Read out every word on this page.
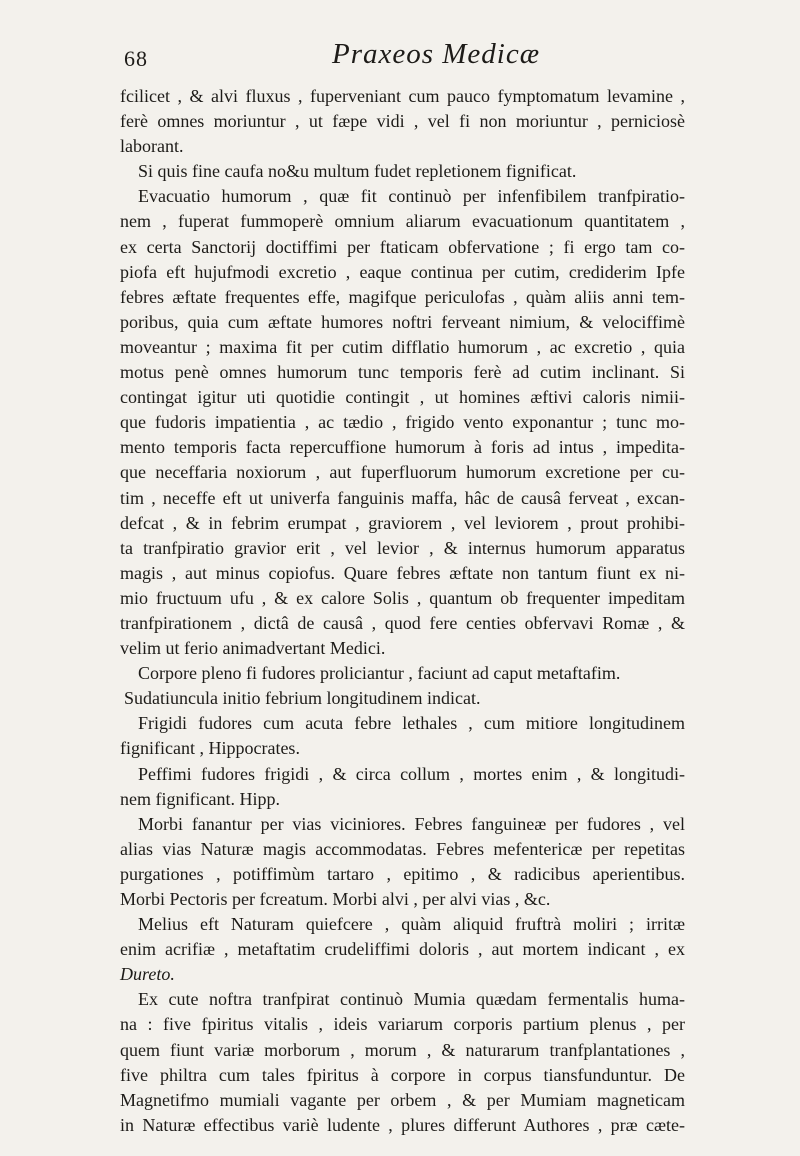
68	Praxeos Medicæ
fcilicet , & alvi fluxus , fuperveniant cum pauco fymptomatum levamine ,
ferè omnes moriuntur , ut fæpe vidi , vel fi non moriuntur , perniciosè
laborant.
Si quis fine caufa no&u multum fudet repletionem fignificat.
Evacuatio humorum , quæ fit continuò per infenfibilem tranfpiratio-
nem , fuperat fummoperè omnium aliarum evacuationum quantitatem ,
ex certa Sanctorij doctiffimi per ftaticam obfervatione ; fi ergo tam co-
piofa eft hujufmodi excretio , eaque continua per cutim, crediderim Ipfe
febres æftate frequentes effe, magifque periculofas , quàm aliis anni tem-
poribus, quia cum æftate humores noftri ferveant nimium, & velociffimè
moveantur ; maxima fit per cutim difflatio humorum , ac excretio , quia
motus penè omnes humorum tunc temporis ferè ad cutim inclinant. Si
contingat igitur uti quotidie contingit , ut homines æftivi caloris nimii-
que fudoris impatientia , ac tædio , frigido vento exponantur ; tunc mo-
mento temporis facta repercuffione humorum à foris ad intus , impedita-
que neceffaria noxiorum , aut fuperfluorum humorum excretione per cu-
tim , neceffe eft ut univerfa fanguinis maffa, hâc de causâ ferveat , excan-
defcat , & in febrim erumpat , graviorem , vel leviorem , prout prohibi-
ta tranfpiratio gravior erit , vel levior , & internus humorum apparatus
magis , aut minus copiofus. Quare febres æftate non tantum fiunt ex ni-
mio fructuum ufu , & ex calore Solis , quantum ob frequenter impeditam
tranfpirationem , dictâ de causâ , quod fere centies obfervavi Romæ , &
velim ut ferio animadvertant Medici.
Corpore pleno fi fudores proliciantur , faciunt ad caput metaftafim.
Sudatiuncula initio febrium longitudinem indicat.
Frigidi fudores cum acuta febre lethales , cum mitiore longitudinem
fignificant , Hippocrates.
Peffimi fudores frigidi , & circa collum , mortes enim , & longitudi-
nem fignificant. Hipp.
Morbi fanantur per vias viciniores. Febres fanguineæ per fudores , vel
alias vias Naturæ magis accommodatas. Febres mefentericæ per repetitas
purgationes , potiffimùm tartaro , epitimo , & radicibus aperientibus.
Morbi Pectoris per fcreatum. Morbi alvi , per alvi vias , &c.
Melius eft Naturam quiefcere , quàm aliquid fruftrà moliri ; irritæ
enim acrifiæ , metaftatim crudeliffimi doloris , aut mortem indicant , ex
Dureto.
Ex cute noftra tranfpirat continuò Mumia quædam fermentalis huma-
na : five fpiritus vitalis , ideis variarum corporis partium plenus , per
quem fiunt variæ morborum , morum , & naturarum tranfplantationes ,
five philtra cum tales fpiritus à corpore in corpus tiansfunduntur. De
Magnetifmo mumiali vagante per orbem , & per Mumiam magneticam
in Naturæ effectibus variè ludente , plures differunt Authores , præ cæte-
